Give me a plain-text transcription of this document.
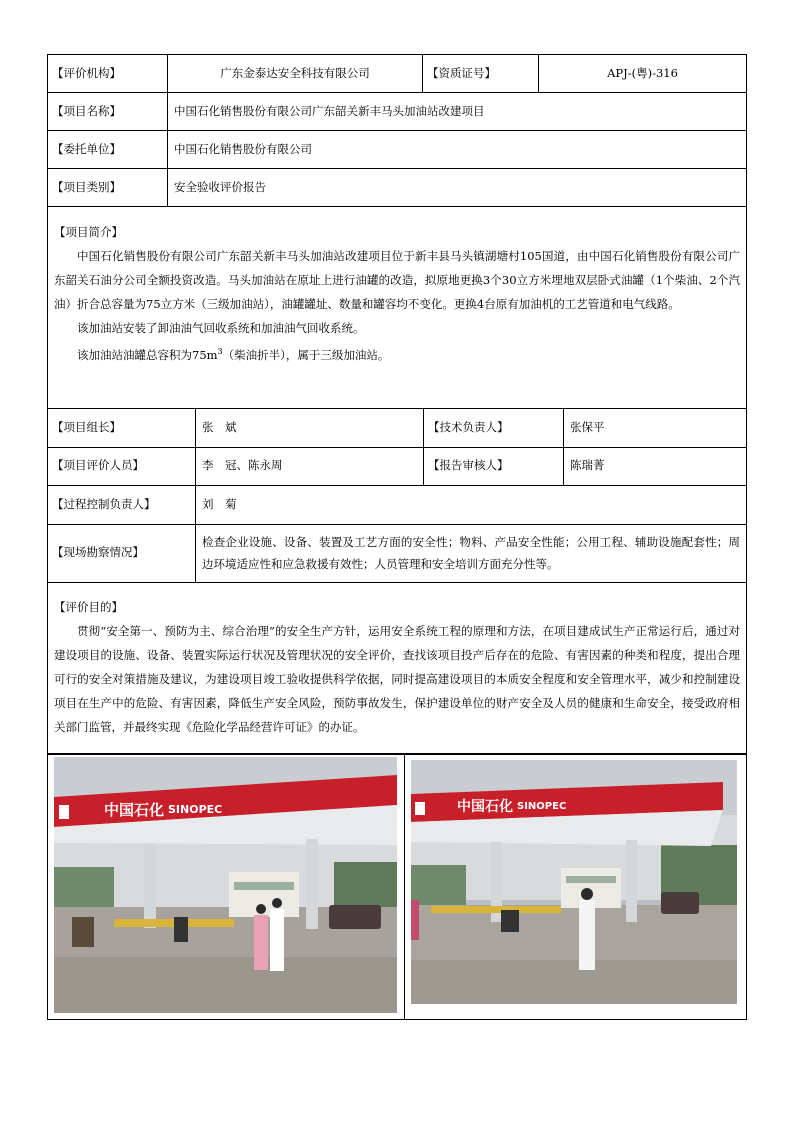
【评价机构】	广东金泰达安全科技有限公司	【资质证号】	APJ-(粤)-316
【项目名称】	中国石化销售股份有限公司广东韶关新丰马头加油站改建项目		
【委托单位】	中国石化销售股份有限公司		
【项目类别】	安全验收评价报告		

【项目简介】

中国石化销售股份有限公司广东韶关新丰马头加油站改建项目位于新丰县马头镇湖塘村105国道，由中国石化销售股份有限公司广东韶关石油分公司全额投资改造。马头加油站在原址上进行油罐的改造，拟原地更换3个30立方米埋地双层卧式油罐（1个柴油、2个汽油）折合总容量为75立方米（三级加油站），油罐罐址、数量和罐容均不变化。更换4台原有加油机的工艺管道和电气线路。

该加油站安装了卸油油气回收系统和加油油气回收系统。

该加油站油罐总容积为$75m^3$（柴油折半），属于三级加油站。			

【项目组长】	张　斌	【技术负责人】	张保平
【项目评价人员】	李　冠、陈永周	【报告审核人】	陈瑞菁
【过程控制负责人】	刘　菊		
【现场勘察情况】	检查企业设施、设备、装置及工艺方面的安全性；物料、产品安全性能；公用工程、辅助设施配套性；周边环境适应性和应急救援有效性；人员管理和安全培训方面充分性等。		

【评价目的】

贯彻“安全第一、预防为主、综合治理”的安全生产方针，运用安全系统工程的原理和方法，在项目建成试生产正常运行后，通过对建设项目的设施、设备、装置实际运行状况及管理状况的安全评价，查找该项目投产后存在的危险、有害因素的种类和程度，提出合理可行的安全对策措施及建议，为建设项目竣工验收提供科学依据，同时提高建设项目的本质安全程度和安全管理水平，减少和控制建设项目在生产中的危险、有害因素，降低生产安全风险，预防事故发生，保护建设单位的财产安全及人员的健康和生命安全，接受政府相关部门监管，并最终实现《危险化学品经营许可证》的办证。			

中国石化 SINOPEC	中国石化 SINOPEC
